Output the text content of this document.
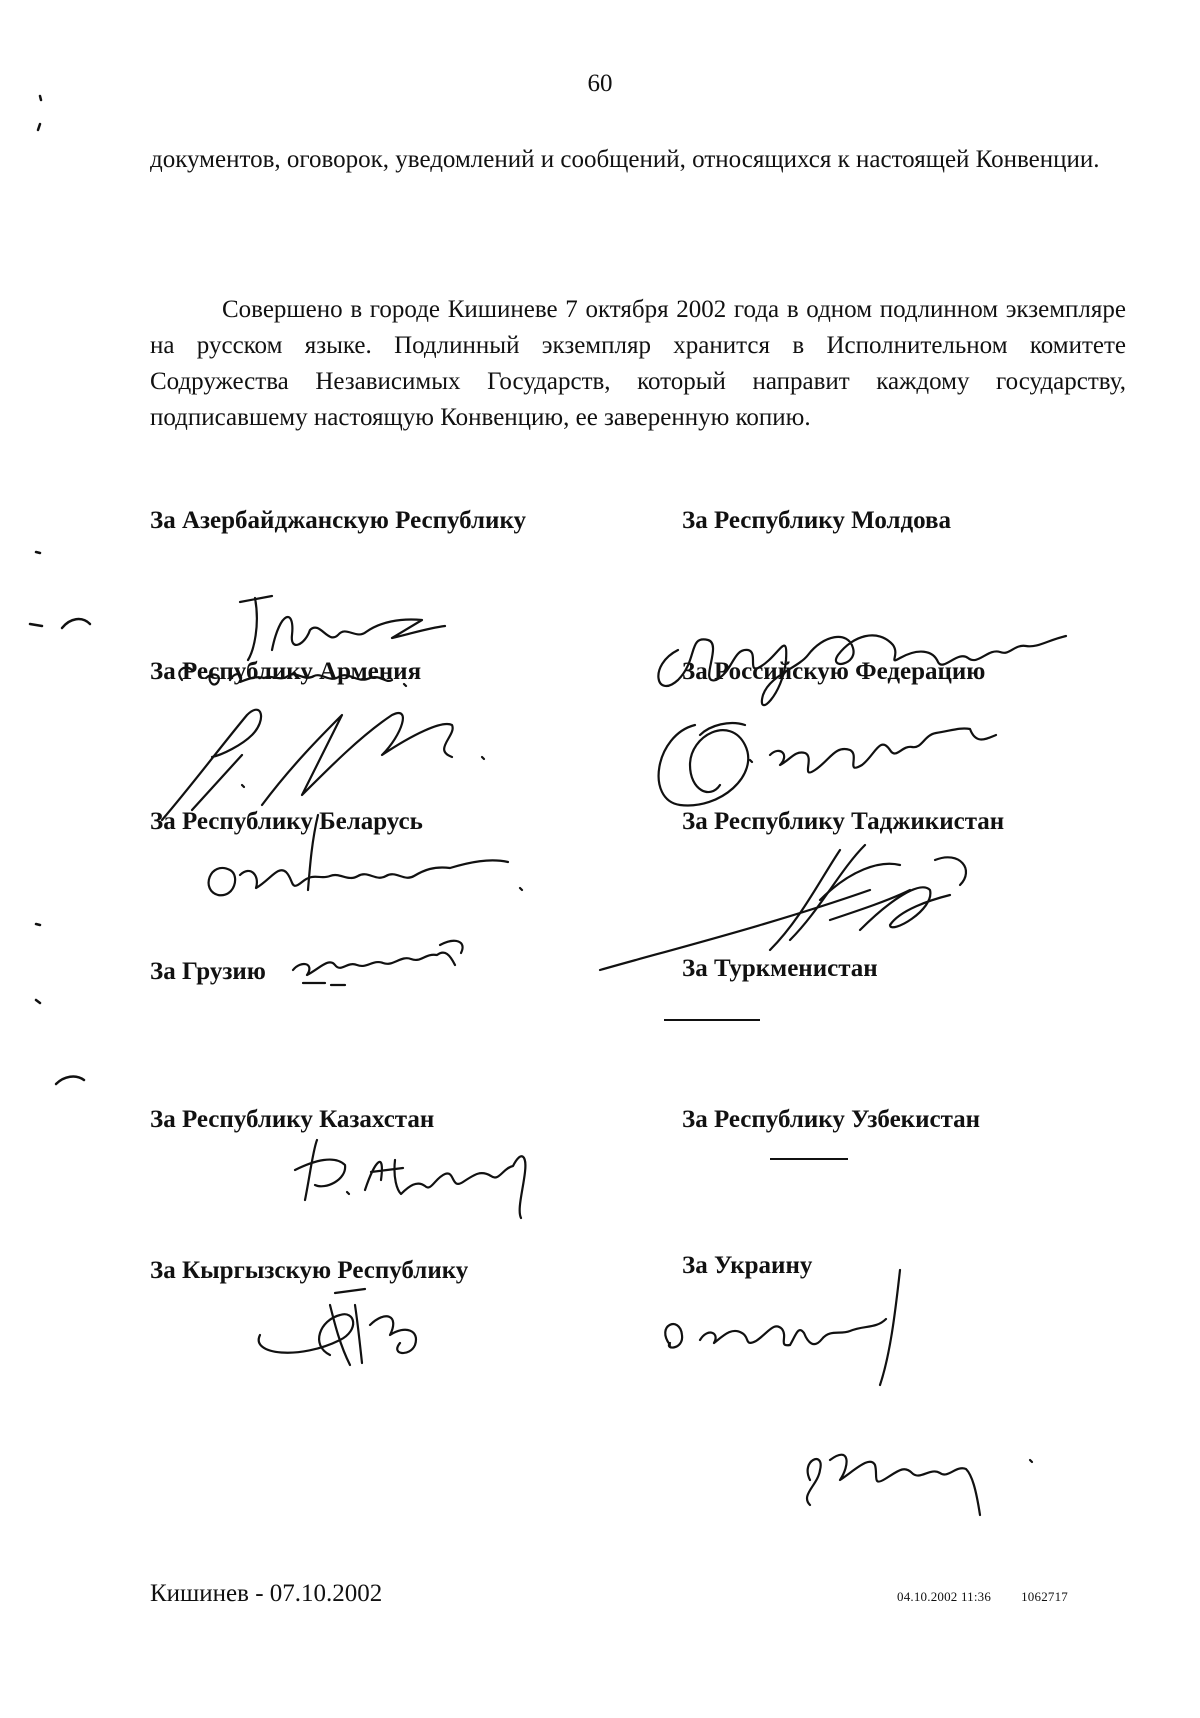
60
документов, оговорок, уведомлений и сообщений, относящихся к настоящей Конвенции.
Совершено в городе Кишиневе 7 октября 2002 года в одном подлинном экземпляре на русском языке. Подлинный экземпляр хранится в Исполнительном комитете Содружества Независимых Государств, который направит каждому государству, подписавшему настоящую Конвенцию, ее заверенную копию.
За Азербайджанскую Республику	За Республику Молдова
За Республику Армения	За Российскую Федерацию
За Республику Беларусь	За Республику Таджикистан
За Грузию	За Туркменистан
За Республику Казахстан	За Республику Узбекистан
За Кыргызскую Республику	За Украину
Кишинев - 07.10.2002	04.10.2002 11:36 1062717
